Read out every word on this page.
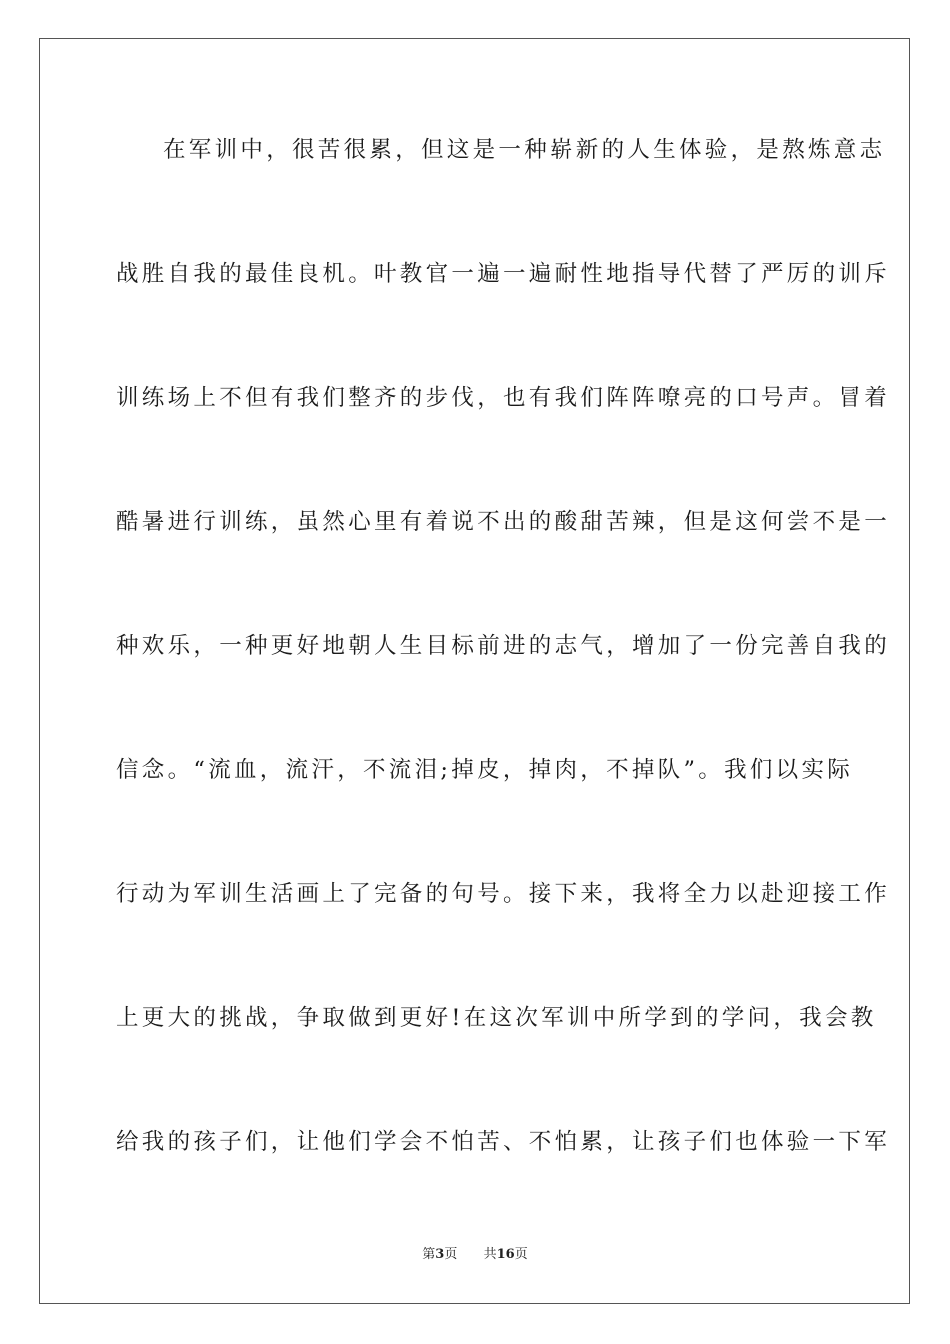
在军训中，很苦很累，但这是一种崭新的人生体验，是熬炼意志
战胜自我的最佳良机。叶教官一遍一遍耐性地指导代替了严厉的训斥
训练场上不但有我们整齐的步伐，也有我们阵阵嘹亮的口号声。冒着
酷暑进行训练，虽然心里有着说不出的酸甜苦辣，但是这何尝不是一
种欢乐，一种更好地朝人生目标前进的志气，增加了一份完善自我的
信念。“流血，流汗，不流泪;掉皮，掉肉，不掉队”。我们以实际
行动为军训生活画上了完备的句号。接下来，我将全力以赴迎接工作
上更大的挑战，争取做到更好!在这次军训中所学到的学问，我会教
给我的孩子们，让他们学会不怕苦、不怕累，让孩子们也体验一下军
第3页 共16页
